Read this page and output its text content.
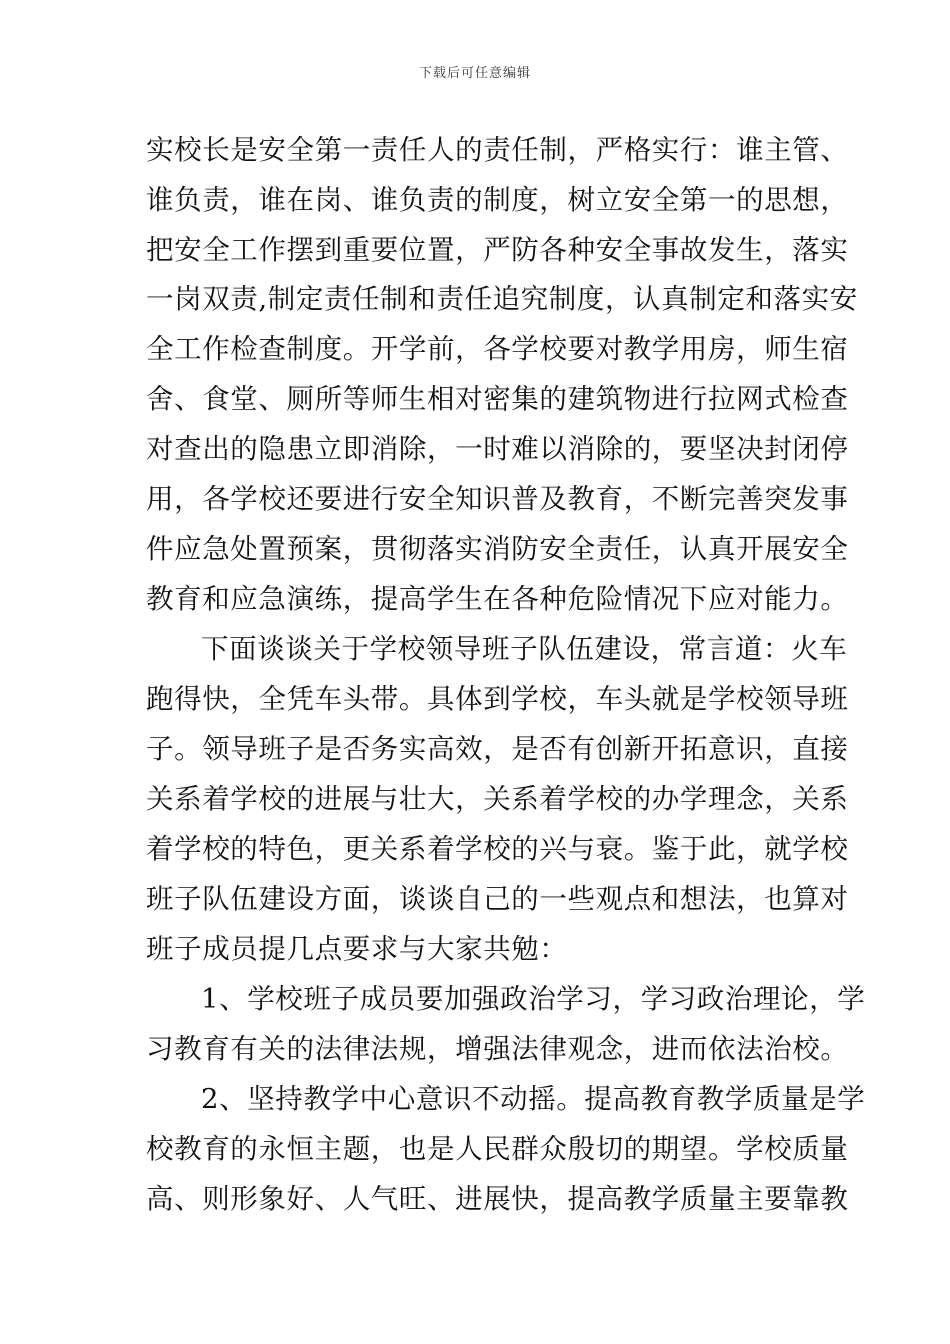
下载后可任意编辑
实校长是安全第一责任人的责任制，严格实行：谁主管、
谁负责，谁在岗、谁负责的制度，树立安全第一的思想，
把安全工作摆到重要位置，严防各种安全事故发生，落实
一岗双责,制定责任制和责任追究制度，认真制定和落实安
全工作检查制度。开学前，各学校要对教学用房，师生宿
舍、食堂、厕所等师生相对密集的建筑物进行拉网式检查
对查出的隐患立即消除，一时难以消除的，要坚决封闭停
用，各学校还要进行安全知识普及教育，不断完善突发事
件应急处置预案，贯彻落实消防安全责任，认真开展安全
教育和应急演练，提高学生在各种危险情况下应对能力。
下面谈谈关于学校领导班子队伍建设，常言道：火车
跑得快，全凭车头带。具体到学校，车头就是学校领导班
子。领导班子是否务实高效，是否有创新开拓意识，直接
关系着学校的进展与壮大，关系着学校的办学理念，关系
着学校的特色，更关系着学校的兴与衰。鉴于此，就学校
班子队伍建设方面，谈谈自己的一些观点和想法，也算对
班子成员提几点要求与大家共勉：
1、学校班子成员要加强政治学习，学习政治理论，学
习教育有关的法律法规，增强法律观念，进而依法治校。
2、坚持教学中心意识不动摇。提高教育教学质量是学
校教育的永恒主题，也是人民群众殷切的期望。学校质量
高、则形象好、人气旺、进展快，提高教学质量主要靠教
